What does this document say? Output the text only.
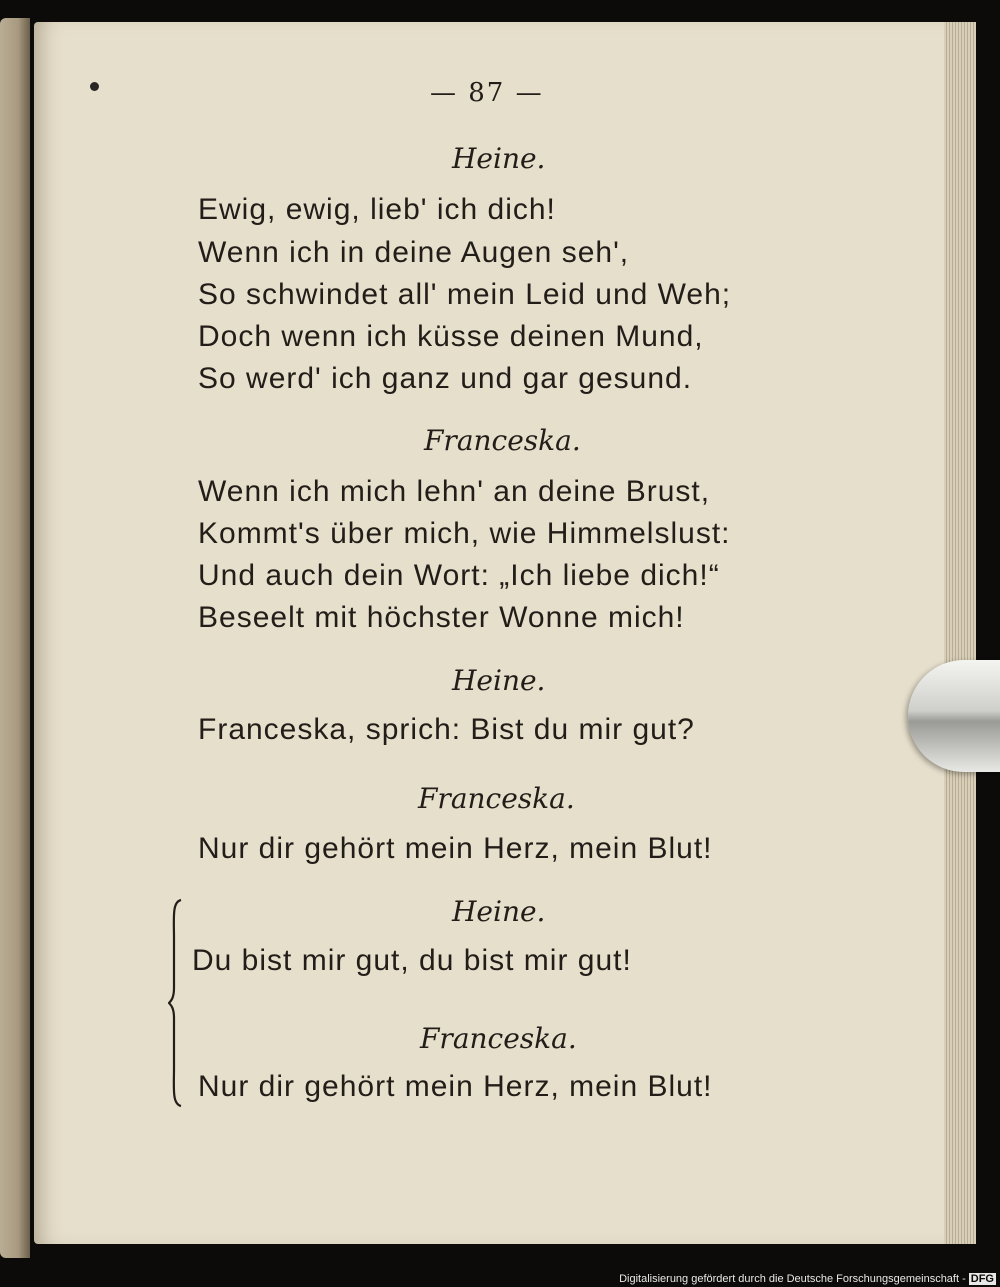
— 87 —
Heine.
Ewig, ewig, lieb' ich dich!
Wenn ich in deine Augen seh',
So schwindet all' mein Leid und Weh;
Doch wenn ich küsse deinen Mund,
So werd' ich ganz und gar gesund.
Franceska.
Wenn ich mich lehn' an deine Brust,
Kommt's über mich, wie Himmelslust:
Und auch dein Wort: „Ich liebe dich!“
Beseelt mit höchster Wonne mich!
Heine.
Franceska, sprich: Bist du mir gut?
Franceska.
Nur dir gehört mein Herz, mein Blut!
Heine.
Du bist mir gut, du bist mir gut!
Franceska.
Nur dir gehört mein Herz, mein Blut!
Digitalisierung gefördert durch die Deutsche Forschungsgemeinschaft - DFG
